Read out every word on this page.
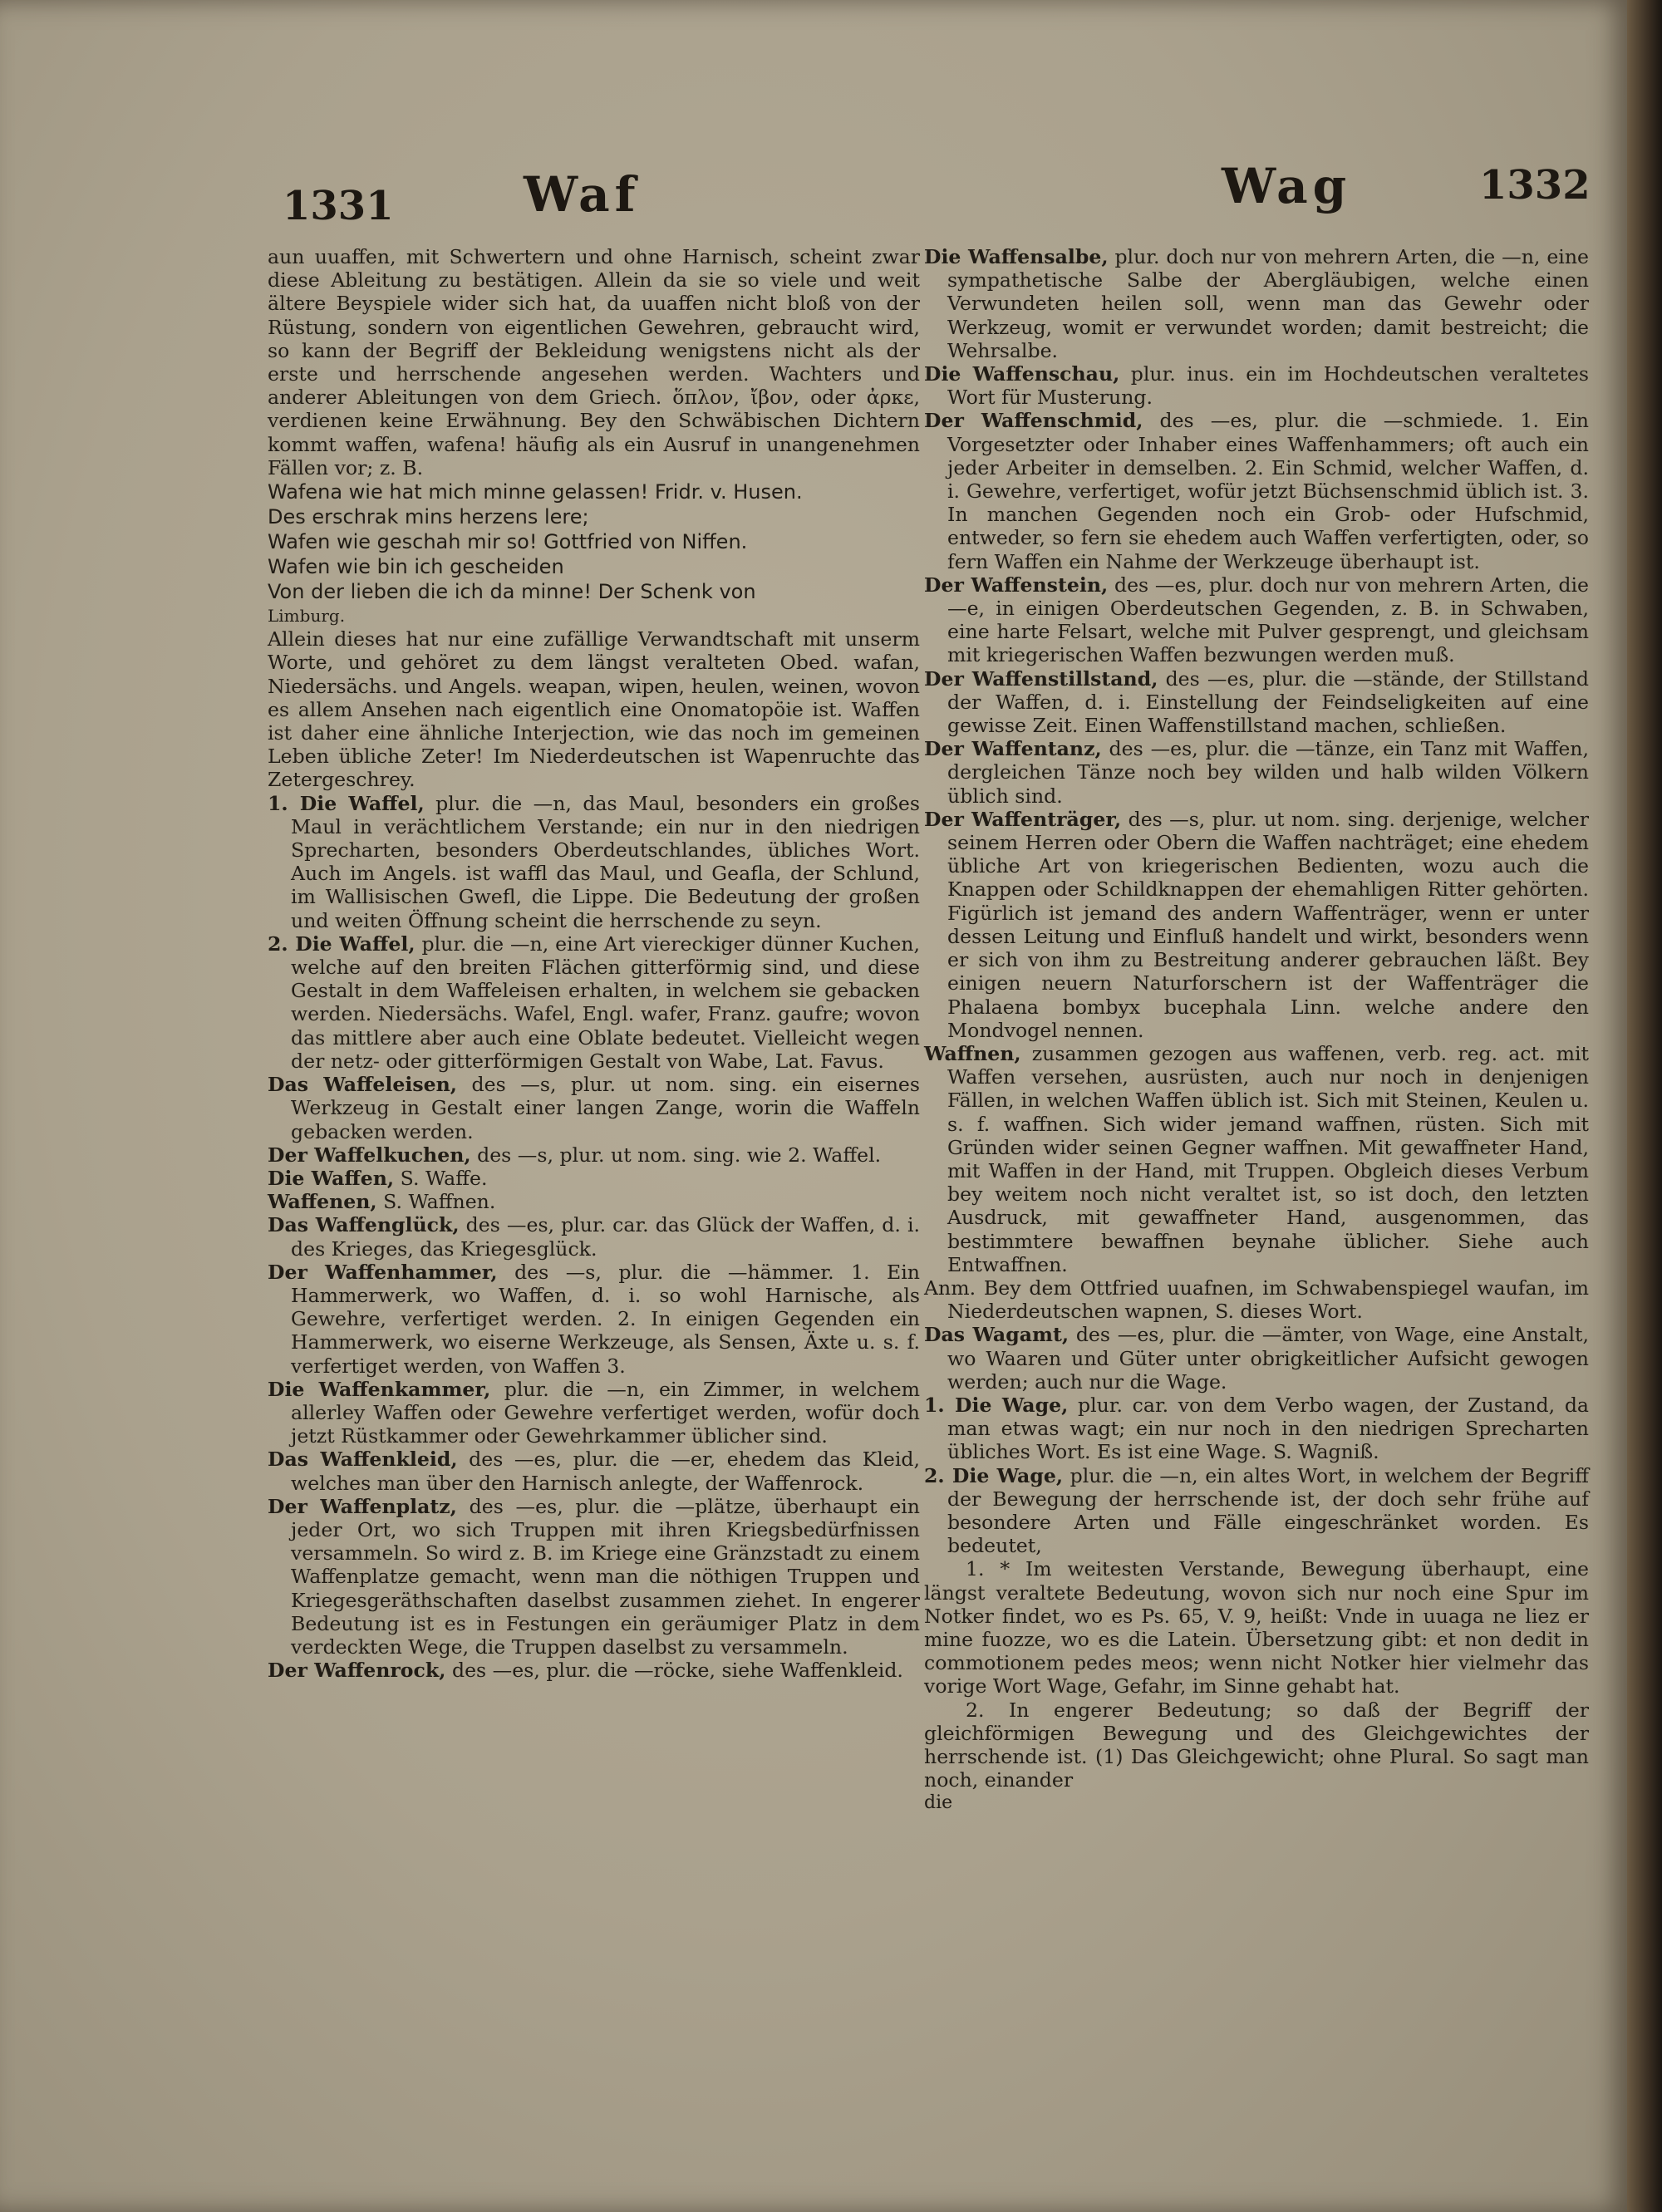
1331	Waf	Wag	1332

aun uuaffen, mit Schwertern und ohne Harnisch, scheint zwar diese Ableitung zu bestätigen. Allein da sie so viele und weit ältere Beyspiele wider sich hat, da uuaffen nicht bloß von der Rüstung, sondern von eigentlichen Gewehren, gebraucht wird, so kann der Begriff der Bekleidung wenigstens nicht als der erste und herrschende angesehen werden. Wachters und anderer Ableitungen von dem Griech. ὅπλον, ἴβον, oder ἀρκε, verdienen keine Erwähnung. Bey den Schwäbischen Dichtern kommt waffen, wafena! häufig als ein Ausruf in unangenehmen Fällen vor; z. B.

Wafena wie hat mich minne gelassen! Fridr. v. Husen.

Des erschrak mins herzens lere;

Wafen wie geschah mir so! Gottfried von Niffen.

Wafen wie bin ich gescheiden

Von der lieben die ich da minne! Der Schenk von

Limburg.

Allein dieses hat nur eine zufällige Verwandtschaft mit unserm Worte, und gehöret zu dem längst veralteten Obed. wafan, Niedersächs. und Angels. weapan, wipen, heulen, weinen, wovon es allem Ansehen nach eigentlich eine Onomatopöie ist. Waffen ist daher eine ähnliche Interjection, wie das noch im gemeinen Leben übliche Zeter! Im Niederdeutschen ist Wapenruchte das Zetergeschrey.

1. Die Waffel, plur. die —n, das Maul, besonders ein großes Maul in verächtlichem Verstande; ein nur in den niedrigen Sprecharten, besonders Oberdeutschlandes, übliches Wort. Auch im Angels. ist waffl das Maul, und Geafla, der Schlund, im Wallisischen Gwefl, die Lippe. Die Bedeutung der großen und weiten Öffnung scheint die herrschende zu seyn.

2. Die Waffel, plur. die —n, eine Art viereckiger dünner Kuchen, welche auf den breiten Flächen gitterförmig sind, und diese Gestalt in dem Waffeleisen erhalten, in welchem sie gebacken werden. Niedersächs. Wafel, Engl. wafer, Franz. gaufre; wovon das mittlere aber auch eine Oblate bedeutet. Vielleicht wegen der netz- oder gitterförmigen Gestalt von Wabe, Lat. Favus.

Das Waffeleisen, des —s, plur. ut nom. sing. ein eisernes Werkzeug in Gestalt einer langen Zange, worin die Waffeln gebacken werden.

Der Waffelkuchen, des —s, plur. ut nom. sing. wie 2. Waffel.

Die Waffen, S. Waffe.

Waffenen, S. Waffnen.

Das Waffenglück, des —es, plur. car. das Glück der Waffen, d. i. des Krieges, das Kriegesglück.

Der Waffenhammer, des —s, plur. die —hämmer. 1. Ein Hammerwerk, wo Waffen, d. i. so wohl Harnische, als Gewehre, verfertiget werden. 2. In einigen Gegenden ein Hammerwerk, wo eiserne Werkzeuge, als Sensen, Äxte u. s. f. verfertiget werden, von Waffen 3.

Die Waffenkammer, plur. die —n, ein Zimmer, in welchem allerley Waffen oder Gewehre verfertiget werden, wofür doch jetzt Rüstkammer oder Gewehrkammer üblicher sind.

Das Waffenkleid, des —es, plur. die —er, ehedem das Kleid, welches man über den Harnisch anlegte, der Waffenrock.

Der Waffenplatz, des —es, plur. die —plätze, überhaupt ein jeder Ort, wo sich Truppen mit ihren Kriegsbedürfnissen versammeln. So wird z. B. im Kriege eine Gränzstadt zu einem Waffenplatze gemacht, wenn man die nöthigen Truppen und Kriegesgeräthschaften daselbst zusammen ziehet. In engerer Bedeutung ist es in Festungen ein geräumiger Platz in dem verdeckten Wege, die Truppen daselbst zu versammeln.

Der Waffenrock, des —es, plur. die —röcke, siehe Waffenkleid.

Die Waffensalbe, plur. doch nur von mehrern Arten, die —n, eine sympathetische Salbe der Abergläubigen, welche einen Verwundeten heilen soll, wenn man das Gewehr oder Werkzeug, womit er verwundet worden; damit bestreicht; die Wehrsalbe.

Die Waffenschau, plur. inus. ein im Hochdeutschen veraltetes Wort für Musterung.

Der Waffenschmid, des —es, plur. die —schmiede. 1. Ein Vorgesetzter oder Inhaber eines Waffenhammers; oft auch ein jeder Arbeiter in demselben. 2. Ein Schmid, welcher Waffen, d. i. Gewehre, verfertiget, wofür jetzt Büchsenschmid üblich ist. 3. In manchen Gegenden noch ein Grob- oder Hufschmid, entweder, so fern sie ehedem auch Waffen verfertigten, oder, so fern Waffen ein Nahme der Werkzeuge überhaupt ist.

Der Waffenstein, des —es, plur. doch nur von mehrern Arten, die —e, in einigen Oberdeutschen Gegenden, z. B. in Schwaben, eine harte Felsart, welche mit Pulver gesprengt, und gleichsam mit kriegerischen Waffen bezwungen werden muß.

Der Waffenstillstand, des —es, plur. die —stände, der Stillstand der Waffen, d. i. Einstellung der Feindseligkeiten auf eine gewisse Zeit. Einen Waffenstillstand machen, schließen.

Der Waffentanz, des —es, plur. die —tänze, ein Tanz mit Waffen, dergleichen Tänze noch bey wilden und halb wilden Völkern üblich sind.

Der Waffenträger, des —s, plur. ut nom. sing. derjenige, welcher seinem Herren oder Obern die Waffen nachträget; eine ehedem übliche Art von kriegerischen Bedienten, wozu auch die Knappen oder Schildknappen der ehemahligen Ritter gehörten. Figürlich ist jemand des andern Waffenträger, wenn er unter dessen Leitung und Einfluß handelt und wirkt, besonders wenn er sich von ihm zu Bestreitung anderer gebrauchen läßt. Bey einigen neuern Naturforschern ist der Waffenträger die Phalaena bombyx bucephala Linn. welche andere den Mondvogel nennen.

Waffnen, zusammen gezogen aus waffenen, verb. reg. act. mit Waffen versehen, ausrüsten, auch nur noch in denjenigen Fällen, in welchen Waffen üblich ist. Sich mit Steinen, Keulen u. s. f. waffnen. Sich wider jemand waffnen, rüsten. Sich mit Gründen wider seinen Gegner waffnen. Mit gewaffneter Hand, mit Waffen in der Hand, mit Truppen. Obgleich dieses Verbum bey weitem noch nicht veraltet ist, so ist doch, den letzten Ausdruck, mit gewaffneter Hand, ausgenommen, das bestimmtere bewaffnen beynahe üblicher. Siehe auch Entwaffnen.

Anm. Bey dem Ottfried uuafnen, im Schwabenspiegel waufan, im Niederdeutschen wapnen, S. dieses Wort.

Das Wagamt, des —es, plur. die —ämter, von Wage, eine Anstalt, wo Waaren und Güter unter obrigkeitlicher Aufsicht gewogen werden; auch nur die Wage.

1. Die Wage, plur. car. von dem Verbo wagen, der Zustand, da man etwas wagt; ein nur noch in den niedrigen Sprecharten übliches Wort. Es ist eine Wage. S. Wagniß.

2. Die Wage, plur. die —n, ein altes Wort, in welchem der Begriff der Bewegung der herrschende ist, der doch sehr frühe auf besondere Arten und Fälle eingeschränket worden. Es bedeutet,

1. * Im weitesten Verstande, Bewegung überhaupt, eine längst veraltete Bedeutung, wovon sich nur noch eine Spur im Notker findet, wo es Ps. 65, V. 9, heißt: Vnde in uuaga ne liez er mine fuozze, wo es die Latein. Übersetzung gibt: et non dedit in commotionem pedes meos; wenn nicht Notker hier vielmehr das vorige Wort Wage, Gefahr, im Sinne gehabt hat.

2. In engerer Bedeutung; so daß der Begriff der gleichförmigen Bewegung und des Gleichgewichtes der herrschende ist. (1) Das Gleichgewicht; ohne Plural. So sagt man noch, einander

die
